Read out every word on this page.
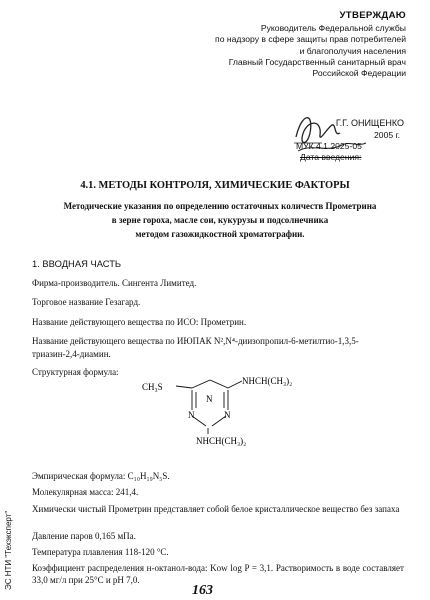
УТВЕРЖДАЮ
Руководитель Федеральной службы
по надзору в сфере защиты прав потребителей
и благополучия населения
Главный Государственный санитарный врач
Российской Федерации
Г.Г. ОНИЩЕНКО
2005 г.
МУК 4.1.2025-05
Дата введения:
4.1. МЕТОДЫ КОНТРОЛЯ, ХИМИЧЕСКИЕ ФАКТОРЫ
Методические указания по определению остаточных количеств Прометрина
в зерне гороха, масле сои, кукурузы и подсолнечника
методом газожидкостной хроматографии.
1. ВВОДНАЯ ЧАСТЬ
Фирма-производитель. Сингента Лимитед.
Торговое название Гезагард.
Название действующего вещества по ИСО: Прометрин.
Название действующего вещества по ИЮПАК N²,N⁴-диизопропил-6-метилтио-1,3,5-
триазин-2,4-диамин.
Структурная формула:
CH₃S
NHCH(CH₃)₂
N
N	N
NHCH(CH₃)₂
Эмпирическая формула: C₁₀H₁₉N₅S.
Молекулярная масса: 241,4.
Химически чистый Прометрин представляет собой белое кристаллическое вещество без запаха
Давление паров 0,165 мПа.
Температура плавления 118-120 °C.
Коэффициент распределения н-октанол-вода: Kow log P = 3,1. Растворимость в воде составляет 33,0 мг/л при 25°C и pH 7,0.
ЭС НТИ "Техэксперт"
163
